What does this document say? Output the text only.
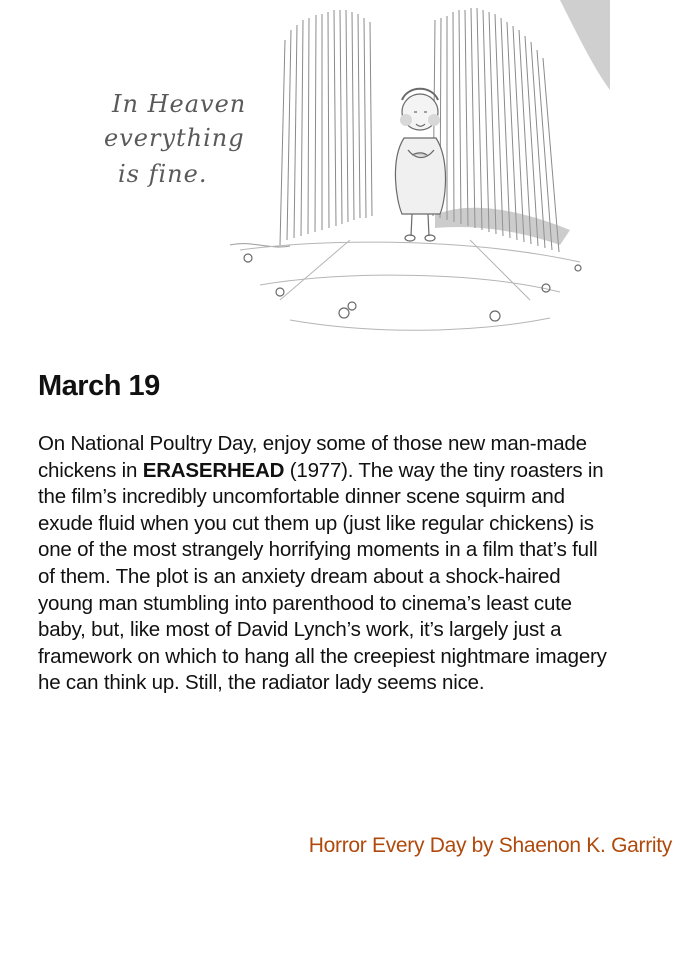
In Heaven
everything
is fine.
March 19

On National Poultry Day, enjoy some of those new man-made chickens in ERASERHEAD (1977). The way the tiny roasters in the film’s incredibly uncomfortable dinner scene squirm and exude fluid when you cut them up (just like regular chickens) is one of the most strangely horrifying moments in a film that’s full of them. The plot is an anxiety dream about a shock-haired young man stumbling into parenthood to cinema’s least cute baby, but, like most of David Lynch’s work, it’s largely just a framework on which to hang all the creepiest nightmare imagery he can think up. Still, the radiator lady seems nice.

Horror Every Day by Shaenon K. Garrity
